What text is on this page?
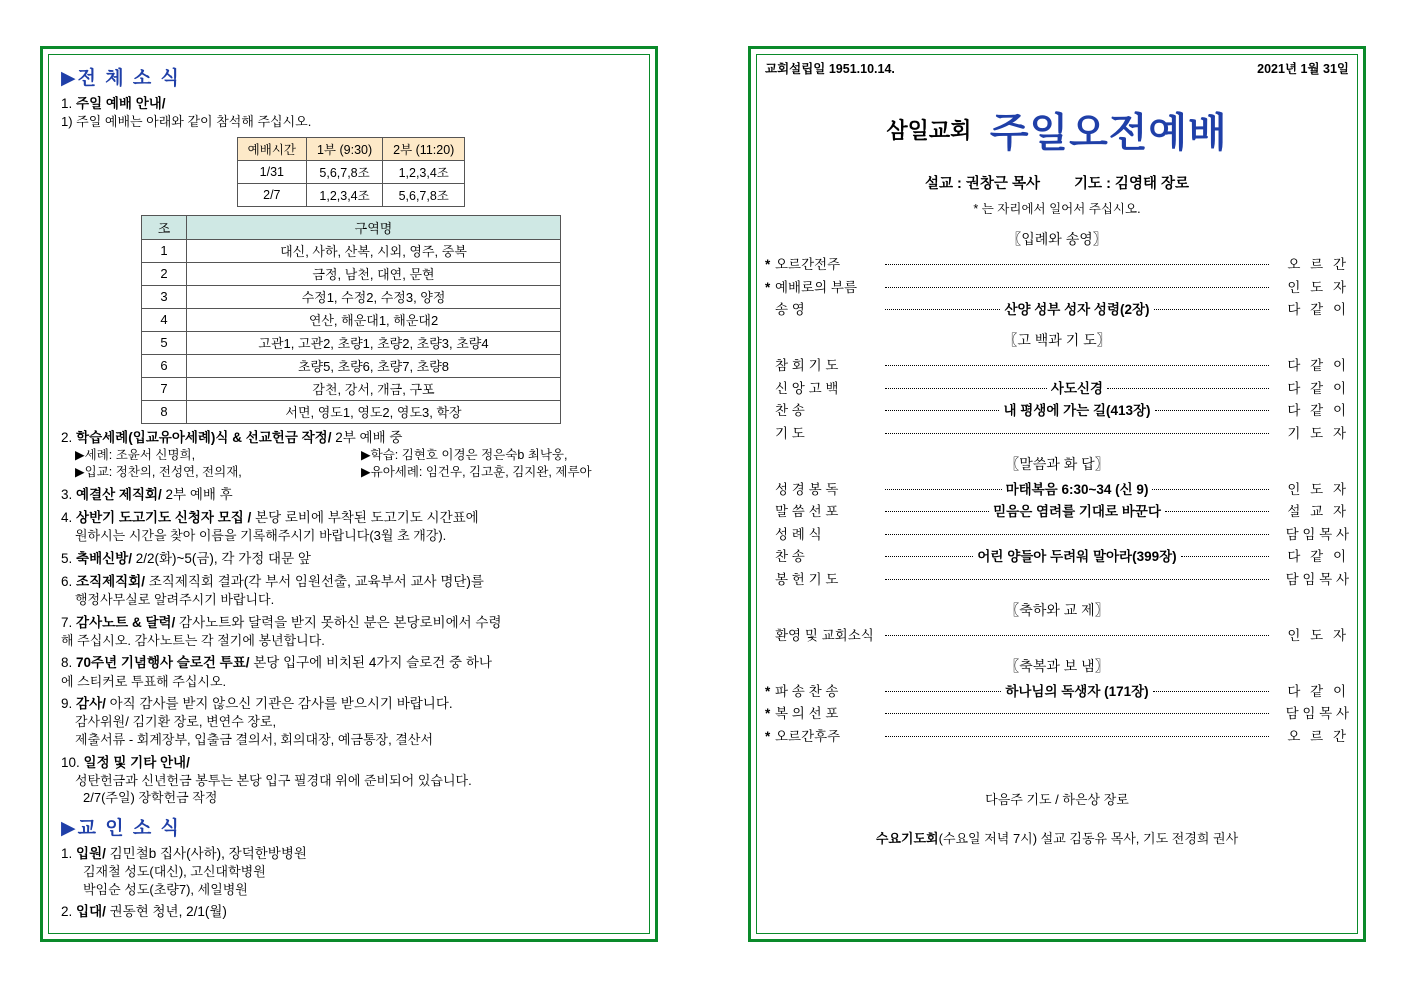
▶전 체 소 식
1. 주일 예배 안내/
1) 주일 예배는 아래와 같이 참석해 주십시오.
예배시간	1부 (9:30)	2부 (11:20)
1/31	5,6,7,8조	1,2,3,4조
2/7	1,2,3,4조	5,6,7,8조
조	구역명
1	대신, 사하, 산복, 시외, 영주, 중복
2	금정, 남천, 대연, 문현
3	수정1, 수정2, 수정3, 양정
4	연산, 해운대1, 해운대2
5	고관1, 고관2, 초량1, 초량2, 초량3, 초량4
6	초량5, 초량6, 초량7, 초량8
7	감천, 강서, 개금, 구포
8	서면, 영도1, 영도2, 영도3, 학장
2. 학습세례(입교유아세례)식 & 선교헌금 작정/ 2부 예배 중
▶세례: 조윤서 신명희,
▶입교: 정찬의, 전성연, 전의재,
▶학습: 김현호 이경은 정은숙b 최낙웅,
▶유아세례: 임건우, 김고훈, 김지완, 제루아
3. 예결산 제직회/ 2부 예배 후
4. 상반기 도고기도 신청자 모집 / 본당 로비에 부착된 도고기도 시간표에
원하시는 시간을 찾아 이름을 기록해주시기 바랍니다(3월 초 개강).
5. 축배신방/ 2/2(화)~5(금), 각 가정 대문 앞
6. 조직제직회/ 조직제직회 결과(각 부서 임원선출, 교육부서 교사 명단)를
행정사무실로 알려주시기 바랍니다.
7. 감사노트 & 달력/ 감사노트와 달력을 받지 못하신 분은 본당로비에서 수령
해 주십시오. 감사노트는 각 절기에 봉년합니다.
8. 70주년 기념행사 슬로건 투표/ 본당 입구에 비치된 4가지 슬로건 중 하나
에 스티커로 투표해 주십시오.
9. 감사/ 아직 감사를 받지 않으신 기관은 감사를 받으시기 바랍니다.
감사위원/ 김기환 장로, 변연수 장로,
제출서류 - 회계장부, 입출금 결의서, 회의대장, 예금통장, 결산서
10. 일정 및 기타 안내/
성탄헌금과 신년헌금 봉투는 본당 입구 필경대 위에 준비되어 있습니다.
2/7(주일) 장학헌금 작정
▶교 인 소 식
1. 입원/ 김민철b 집사(사하), 장덕한방병원
김재철 성도(대신), 고신대학병원
박임순 성도(초량7), 세일병원
2. 입대/ 권동현 청년, 2/1(월)
교회설립일 1951.10.14.	2021년 1월 31일
삼일교회 주일오전예배
설교 : 권창근 목사 기도 : 김영태 장로
* 는 자리에서 일어서 주십시오.
〖입례와 송영〗
* 오르간전주	오 르 간
* 예배로의 부름	인 도 자
송 영	산양 성부 성자 성령(2장)	다 같 이
〖고 백과 기 도〗
참 회 기 도	다 같 이
신 앙 고 백	사도신경	다 같 이
찬 송	내 평생에 가는 길(413장)	다 같 이
기 도	기 도 자
〖말씀과 화 답〗
성 경 봉 독	마태복음 6:30~34 (신 9)	인 도 자
말 씀 선 포	믿음은 염려를 기대로 바꾼다	설 교 자
성 례 식	담 임 목 사
찬 송	어린 양들아 두려워 말아라(399장)	다 같 이
봉 헌 기 도	담 임 목 사
〖축하와 교 제〗
환영 및 교회소식	인 도 자
〖축복과 보 냄〗
* 파 송 찬 송	하나님의 독생자 (171장)	다 같 이
* 복 의 선 포	담 임 목 사
* 오르간후주	오 르 간
다음주 기도 / 하은상 장로
수요기도회(수요일 저녁 7시) 설교 김동유 목사, 기도 전경희 권사
